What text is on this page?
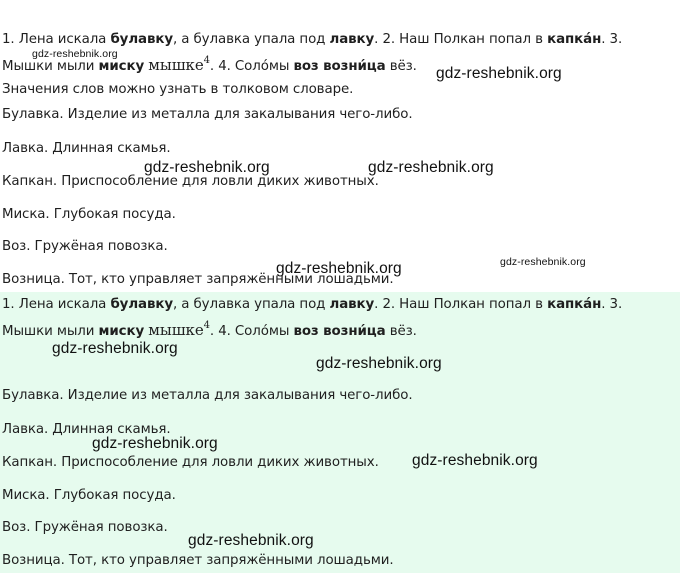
1. Лена искала булавку, а булавка упала под лавку. 2. Наш Полкан попал в капка́н. 3.
Мышки мыли миску мышке$^4$. 4. Соло́мы воз возни́ца вёз.
Значения слов можно узнать в толковом словаре.
Булавка. Изделие из металла для закалывания чего-либо.
Лавка. Длинная скамья.
Капкан. Приспособление для ловли диких животных.
Миска. Глубокая посуда.
Воз. Гружёная повозка.
Возница. Тот, кто управляет запряжёнными лошадьми.
1. Лена искала булавку, а булавка упала под лавку. 2. Наш Полкан попал в капка́н. 3.
Мышки мыли миску мышке$^4$. 4. Соло́мы воз возни́ца вёз.
Булавка. Изделие из металла для закалывания чего-либо.
Лавка. Длинная скамья.
Капкан. Приспособление для ловли диких животных.
Миска. Глубокая посуда.
Воз. Гружёная повозка.
Возница. Тот, кто управляет запряжёнными лошадьми.
gdz-reshebnik.org
gdz-reshebnik.org
gdz-reshebnik.org	gdz-reshebnik.org
gdz-reshebnik.org	gdz-reshebnik.org
gdz-reshebnik.org
gdz-reshebnik.org
gdz-reshebnik.org
gdz-reshebnik.org
gdz-reshebnik.org
